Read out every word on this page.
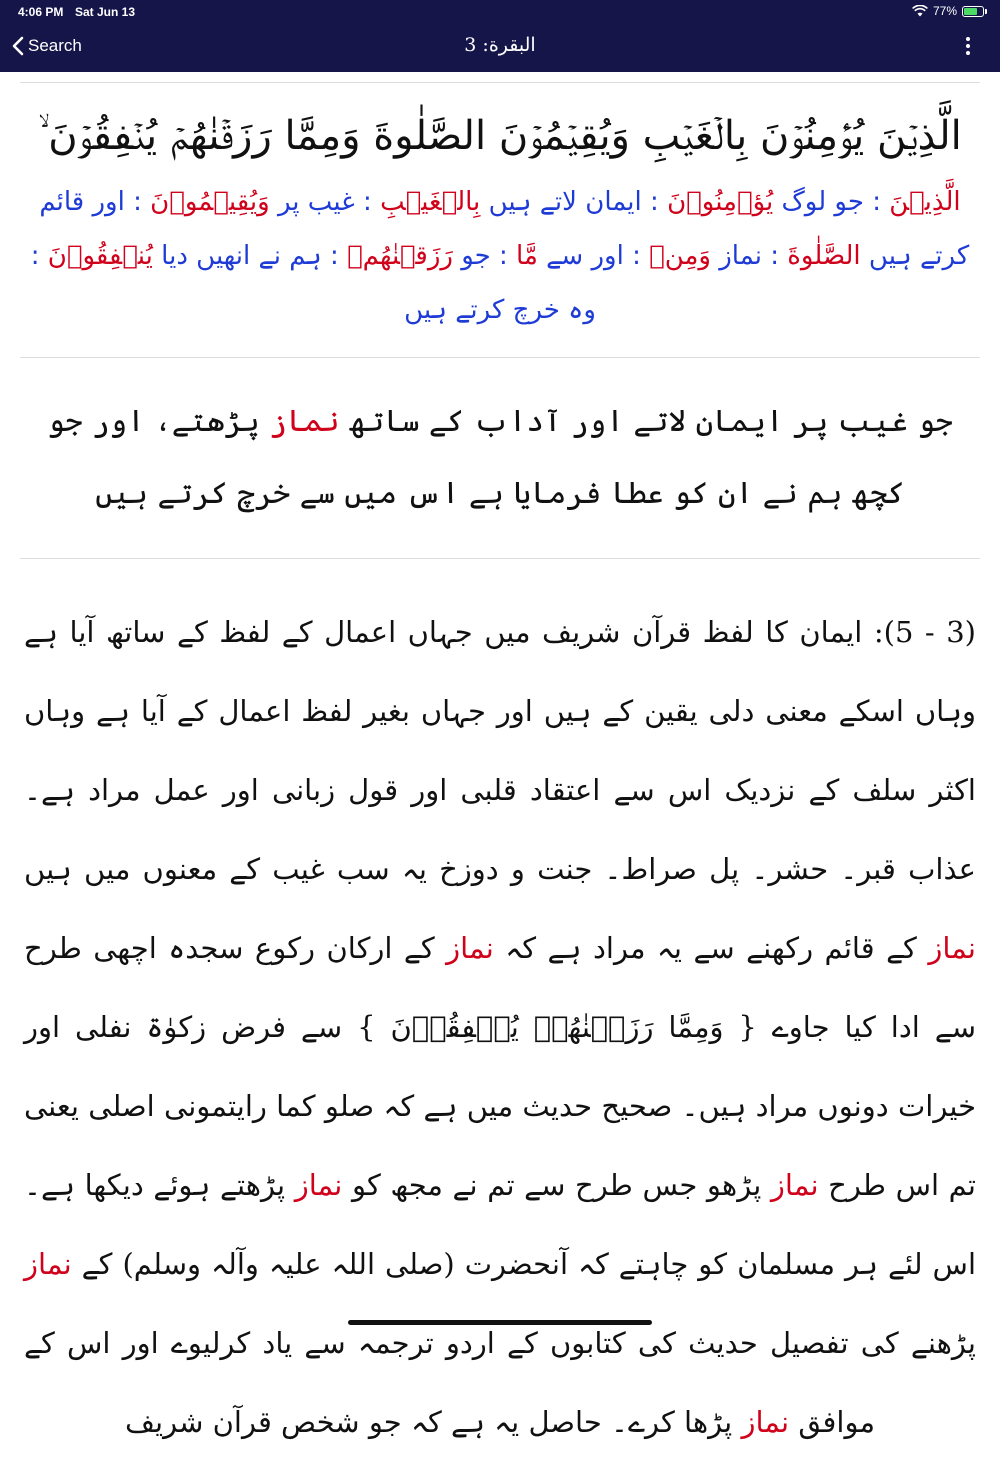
4:06 PM Sat Jun 13	77%
Search	البقرة: 3
الَّذِيۡنَ يُؤۡمِنُوۡنَ بِالۡغَيۡبِ وَيُقِيۡمُوۡنَ الصَّلٰوةَ وَمِمَّا رَزَقۡنٰهُمۡ يُنۡفِقُوۡنَ ۙ
الَّذِيۡنَ : جو لوگ يُؤۡمِنُوۡنَ : ایمان لاتے ہیں بِالۡغَيۡبِ : غیب پر وَيُقِيۡمُوۡنَ : اور قائم کرتے ہیں الصَّلٰوةَ : نماز وَمِنۡ : اور سے مَّا : جو رَزَقۡنٰهُمۡ : ہم نے انھیں دیا يُنۡفِقُوۡنَ : وہ خرچ کرتے ہیں
جو غیب پر ایمان لاتے اور آداب کے ساتھ نماز پڑھتے، اور جو کچھ ہم نے ان کو عطا فرمایا ہے اس میں سے خرچ کرتے ہیں
(3 - 5): ایمان کا لفظ قرآن شریف میں جہاں اعمال کے لفظ کے ساتھ آیا ہے وہاں اسکے معنی دلی یقین کے ہیں اور جہاں بغیر لفظ اعمال کے آیا ہے وہاں اکثر سلف کے نزدیک اس سے اعتقاد قلبی اور قول زبانی اور عمل مراد ہے۔ عذاب قبر۔ حشر۔ پل صراط۔ جنت و دوزخ یہ سب غیب کے معنوں میں ہیں نماز کے قائم رکھنے سے یہ مراد ہے کہ نماز کے ارکان رکوع سجدہ اچھی طرح سے ادا کیا جاوے { وَمِمَّا رَزَقۡنٰهُمۡ يُنۡفِقُوۡنَ } سے فرض زکوٰۃ نفلی اور خیرات دونوں مراد ہیں۔ صحیح حدیث میں ہے کہ صلو کما رایتمونی اصلی یعنی تم اس طرح نماز پڑھو جس طرح سے تم نے مجھ کو نماز پڑھتے ہوئے دیکھا ہے۔ اس لئے ہر مسلمان کو چاہتے کہ آنحضرت (صلی اللہ علیہ وآلہ وسلم) کے نماز پڑھنے کی تفصیل حدیث کی کتابوں کے اردو ترجمہ سے یاد کرلیوے اور اس کے موافق نماز پڑھا کرے۔ حاصل یہ ہے کہ جو شخص قرآن شریف
